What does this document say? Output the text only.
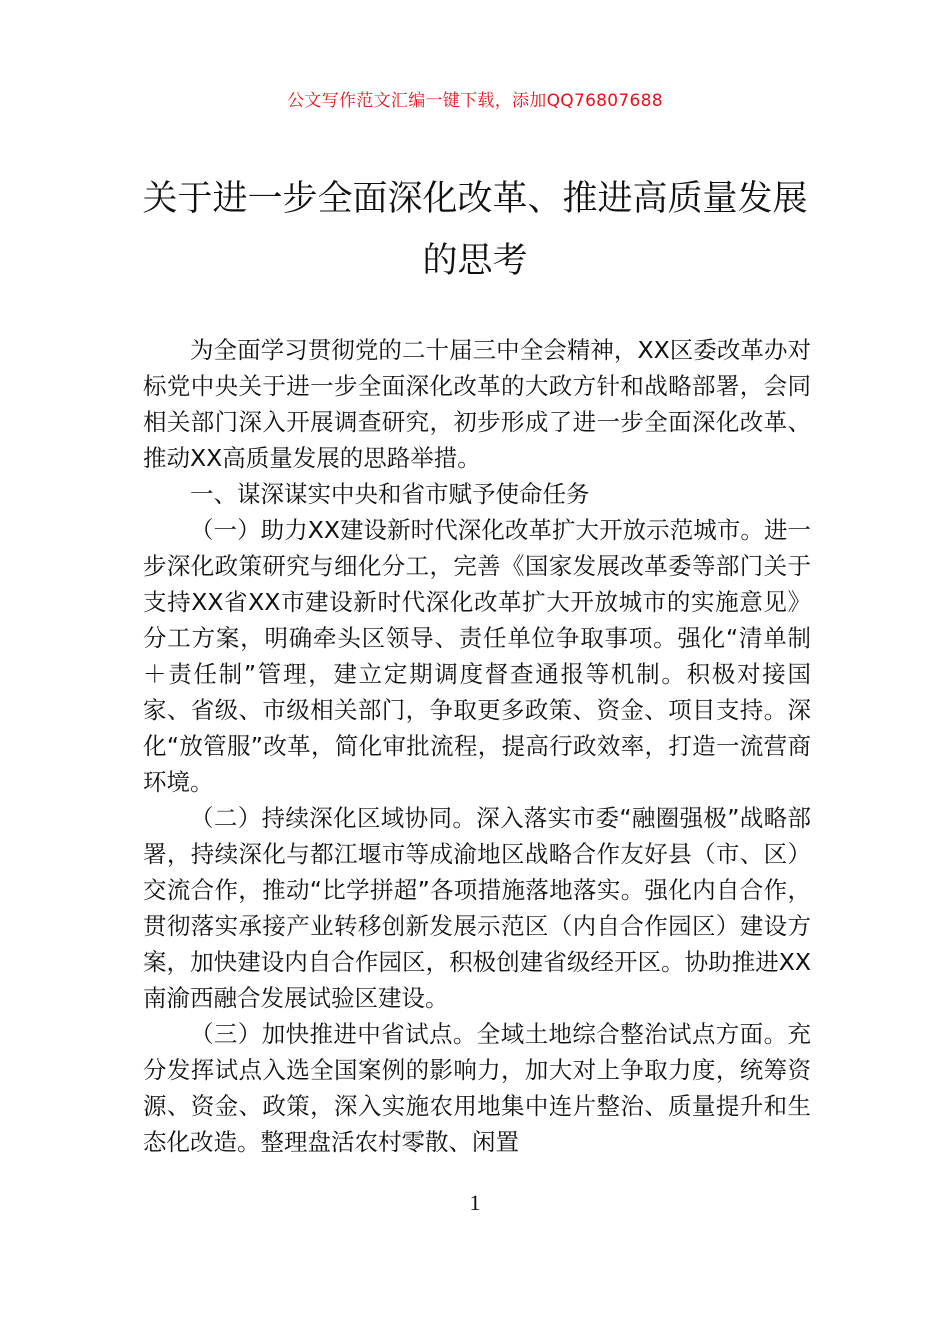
公文写作范文汇编一键下载，添加QQ76807688
关于进一步全面深化改革、推进高质量发展的思考

为全面学习贯彻党的二十届三中全会精神，XX区委改革办对标党中央关于进一步全面深化改革的大政方针和战略部署，会同相关部门深入开展调查研究，初步形成了进一步全面深化改革、推动XX高质量发展的思路举措。

一、谋深谋实中央和省市赋予使命任务

（一）助力XX建设新时代深化改革扩大开放示范城市。进一步深化政策研究与细化分工，完善《国家发展改革委等部门关于支持XX省XX市建设新时代深化改革扩大开放城市的实施意见》分工方案，明确牵头区领导、责任单位争取事项。强化“清单制＋责任制”管理，建立定期调度督查通报等机制。积极对接国家、省级、市级相关部门，争取更多政策、资金、项目支持。深化“放管服”改革，简化审批流程，提高行政效率，打造一流营商环境。

（二）持续深化区域协同。深入落实市委“融圈强极”战略部署，持续深化与都江堰市等成渝地区战略合作友好县（市、区）交流合作，推动“比学拼超”各项措施落地落实。强化内自合作，贯彻落实承接产业转移创新发展示范区（内自合作园区）建设方案，加快建设内自合作园区，积极创建省级经开区。协助推进XX南渝西融合发展试验区建设。

（三）加快推进中省试点。全域土地综合整治试点方面。充分发挥试点入选全国案例的影响力，加大对上争取力度，统筹资源、资金、政策，深入实施农用地集中连片整治、质量提升和生态化改造。整理盘活农村零散、闲置

1
